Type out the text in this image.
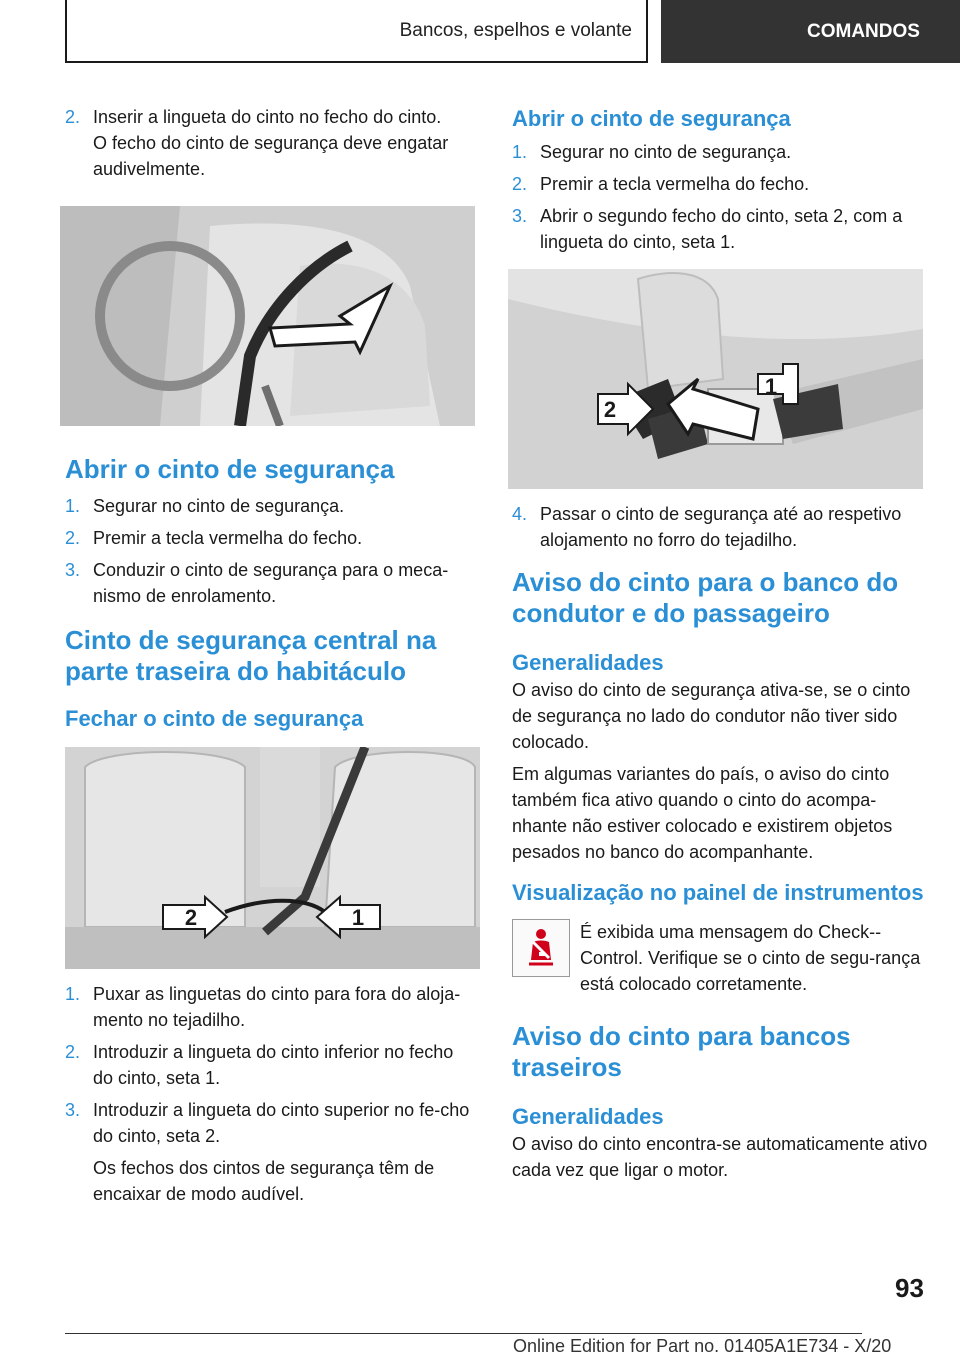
Bancos, espelhos e volante	COMANDOS
2. Inserir a lingueta do cinto no fecho do cinto.

O fecho do cinto de segurança deve engatar audivelmente.

Abrir o cinto de segurança
1. Segurar no cinto de segurança.
2. Premir a tecla vermelha do fecho.
3. Conduzir o cinto de segurança para o meca-nismo de enrolamento.
Cinto de segurança central na parte traseira do habitáculo
Fechar o cinto de segurança
2	1
1. Puxar as linguetas do cinto para fora do aloja-mento no tejadilho.
2. Introduzir a lingueta do cinto inferior no fecho do cinto, seta 1.
3. Introduzir a lingueta do cinto superior no fe-cho do cinto, seta 2.

Os fechos dos cintos de segurança têm de encaixar de modo audível.

Abrir o cinto de segurança
1. Segurar no cinto de segurança.
2. Premir a tecla vermelha do fecho.
3. Abrir o segundo fecho do cinto, seta 2, com a lingueta do cinto, seta 1.
2
1
4. Passar o cinto de segurança até ao respetivo alojamento no forro do tejadilho.
Aviso do cinto para o banco do condutor e do passageiro
Generalidades

O aviso do cinto de segurança ativa-se, se o cinto de segurança no lado do condutor não tiver sido colocado.

Em algumas variantes do país, o aviso do cinto também fica ativo quando o cinto do acompa-nhante não estiver colocado e existirem objetos pesados no banco do acompanhante.

Visualização no painel de instrumentos

É exibida uma mensagem do Check--Control. Verifique se o cinto de segu-rança está colocado corretamente.

Aviso do cinto para bancos traseiros
Generalidades

O aviso do cinto encontra-se automaticamente ativo cada vez que ligar o motor.

93
Online Edition for Part no. 01405A1E734 - X/20
